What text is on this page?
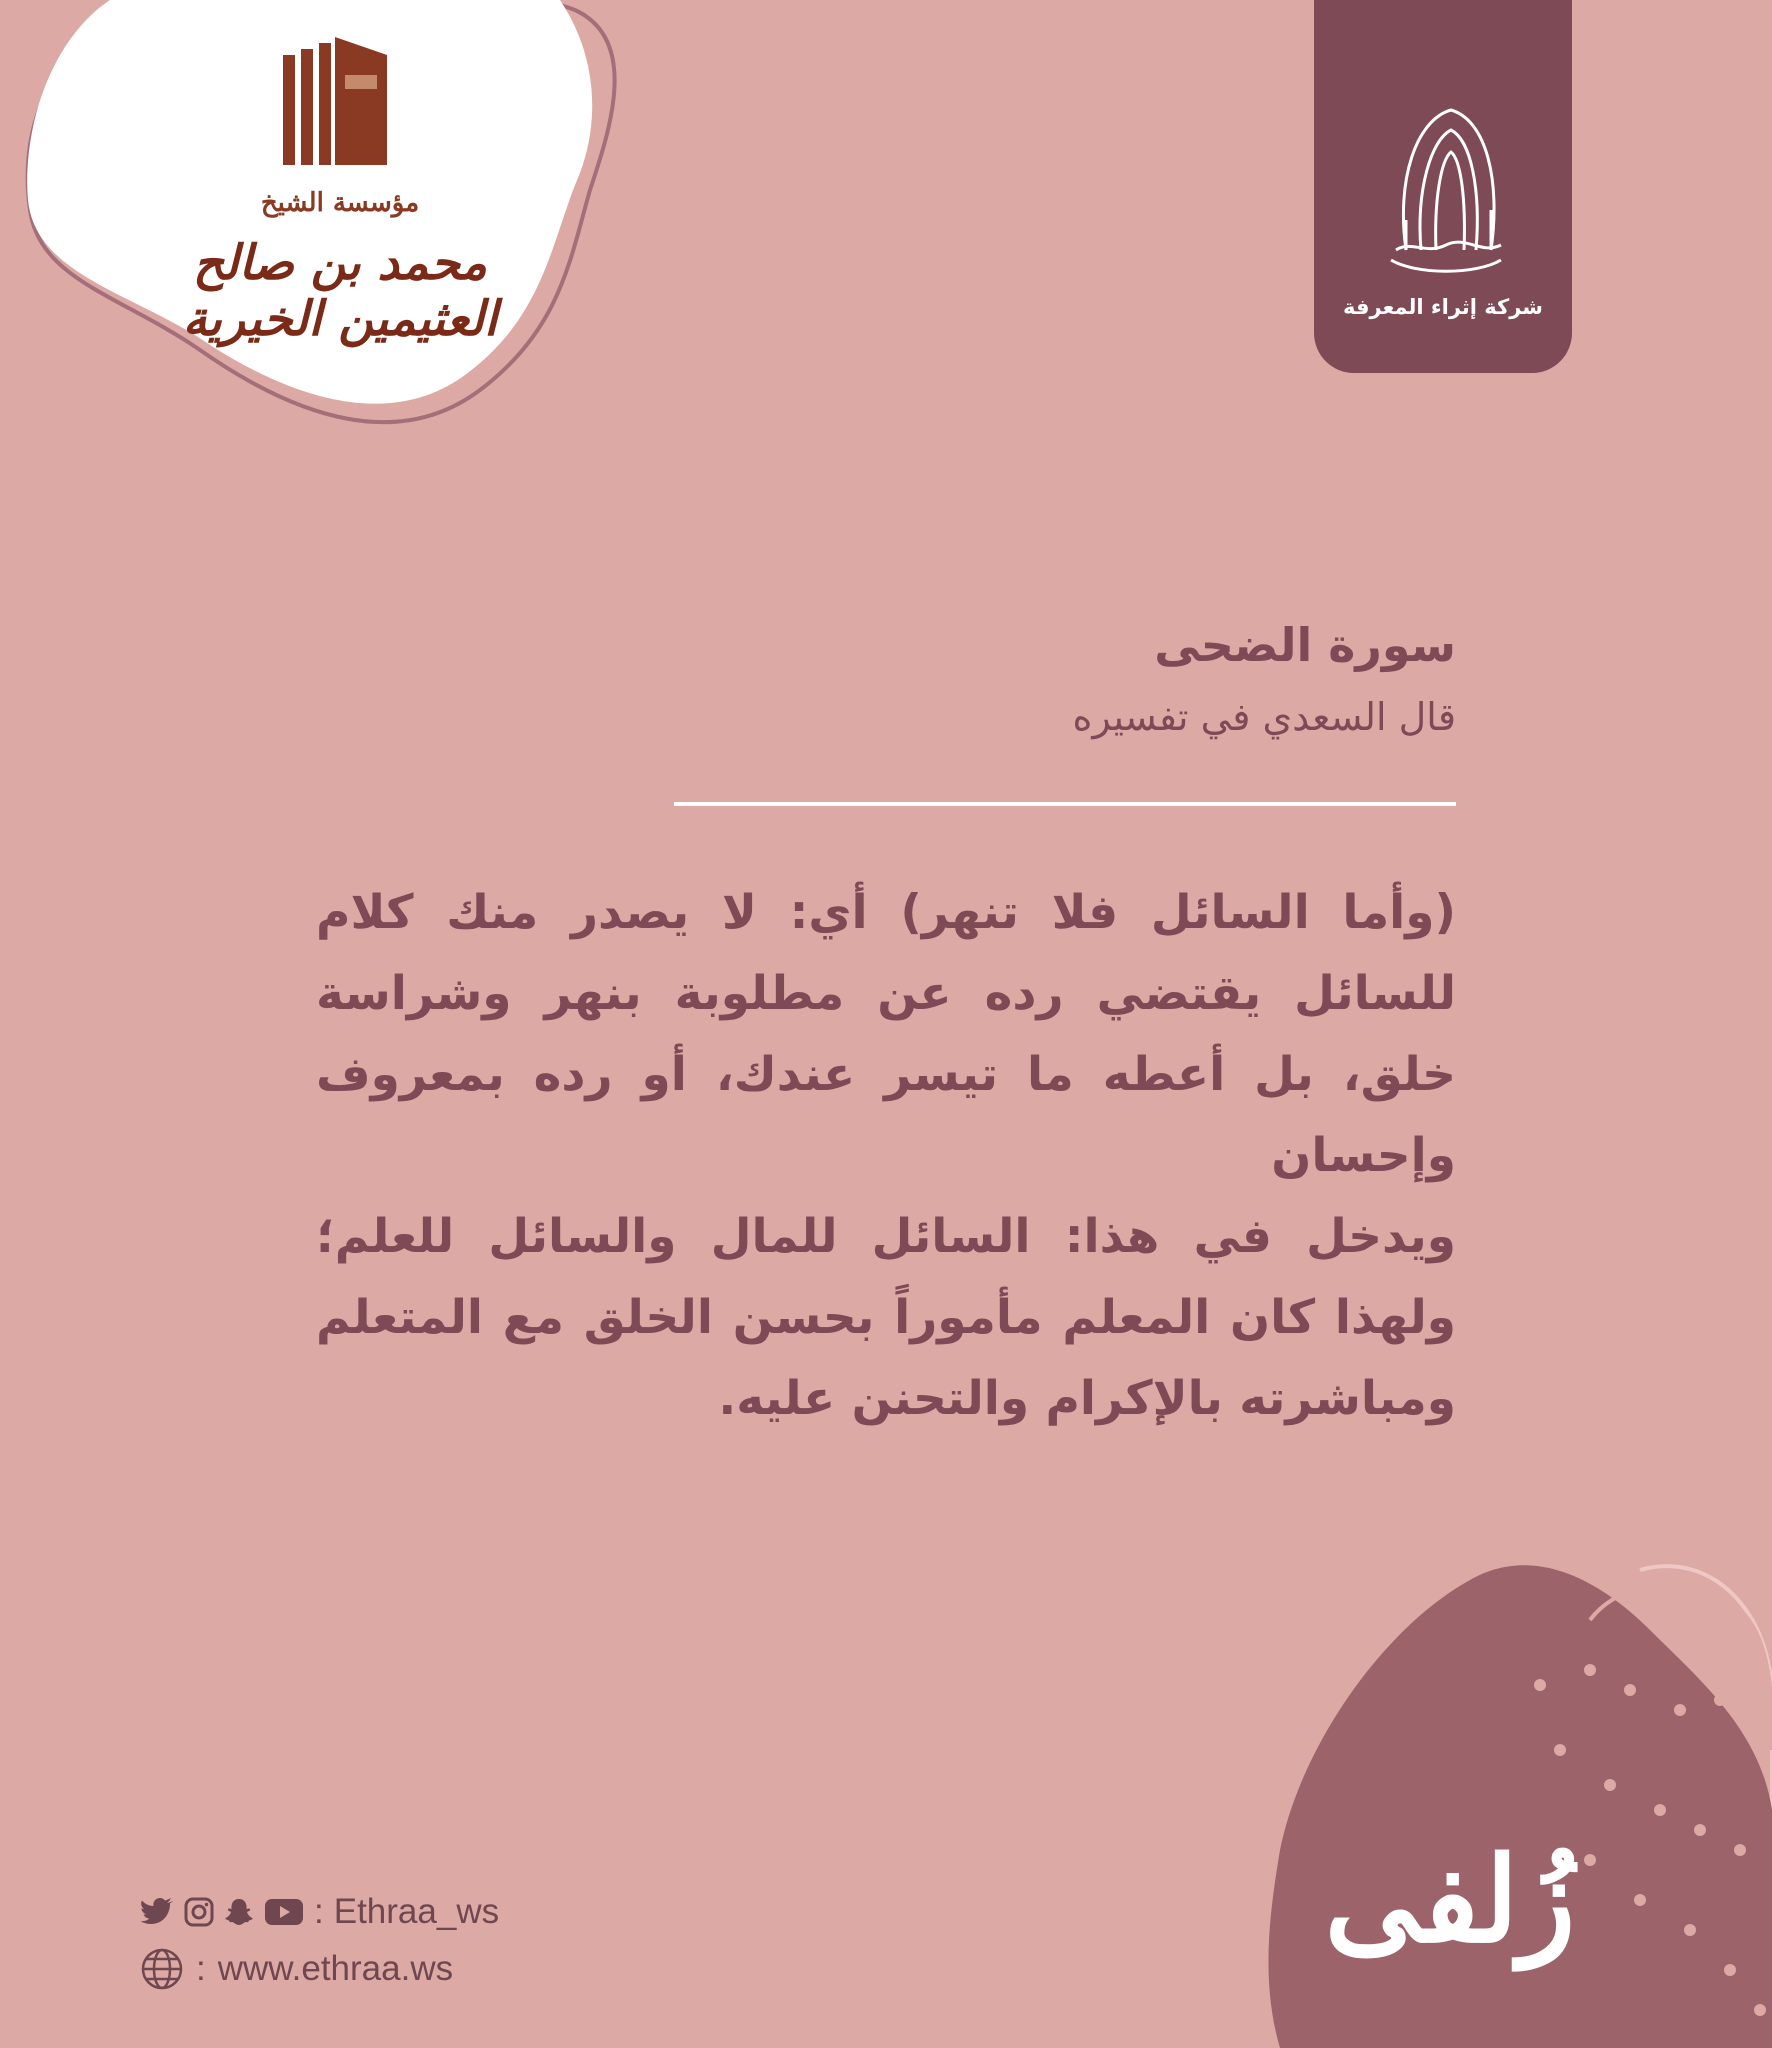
مؤسسة الشيخ
محمد بن صالح العثيمين الخيرية	شركة إثراء المعرفة
سورة الضحى
قال السعدي في تفسيره

(وأما السائل فلا تنهر) أي: لا يصدر منك كلام للسائل يقتضي رده عن مطلوبة بنهر وشراسة خلق، بل أعطه ما تيسر عندك، أو رده بمعروف وإحسان

ويدخل في هذا: السائل للمال والسائل للعلم؛ ولهذا كان المعلم مأموراً بحسن الخلق مع المتعلم ومباشرته بالإكرام والتحنن عليه.

زُلفى
: Ethraa_ws
: www.ethraa.ws
